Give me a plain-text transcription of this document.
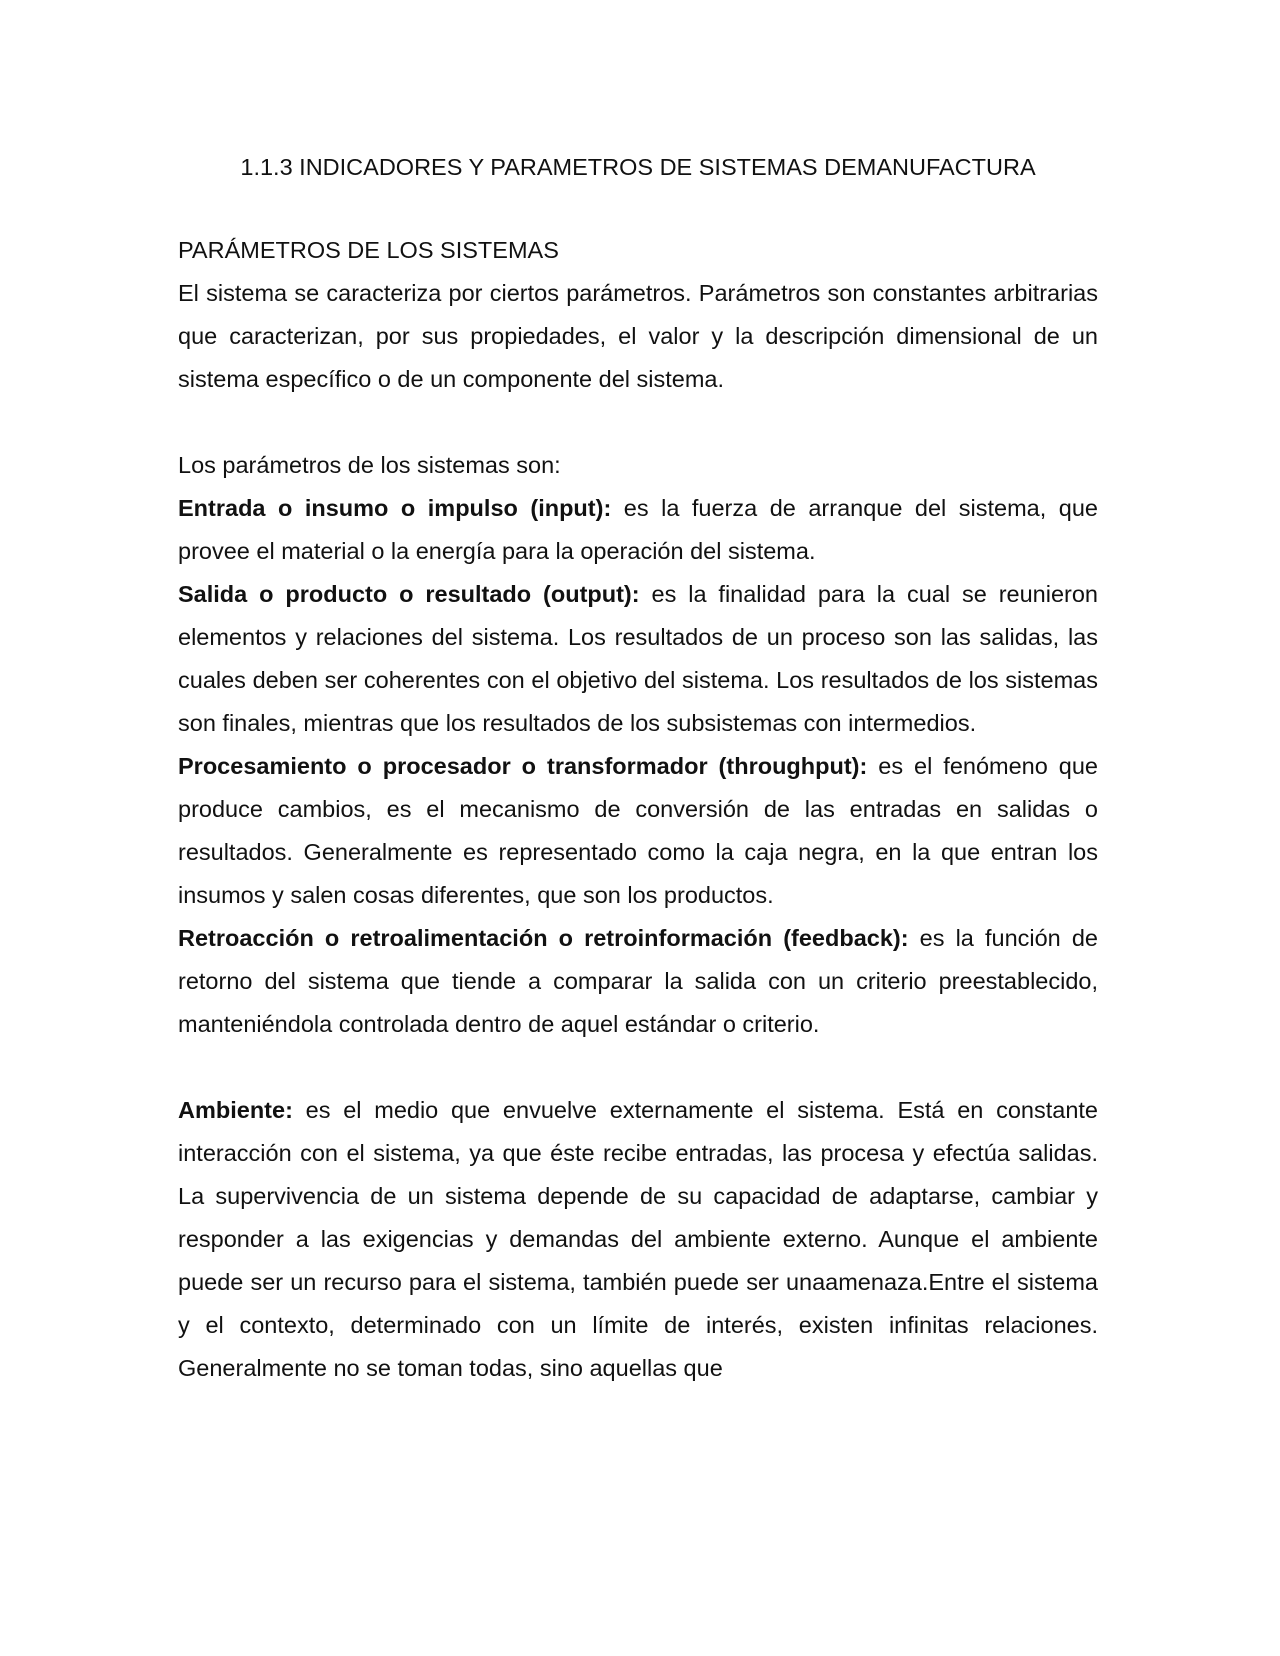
1.1.3 INDICADORES Y PARAMETROS DE SISTEMAS DEMANUFACTURA
PARÁMETROS DE LOS SISTEMAS

El sistema se caracteriza por ciertos parámetros. Parámetros son constantes arbitrarias que caracterizan, por sus propiedades, el valor y la descripción dimensional de un sistema específico o de un componente del sistema.

Los parámetros de los sistemas son:

Entrada o insumo o impulso (input): es la fuerza de arranque del sistema, que provee el material o la energía para la operación del sistema.

Salida o producto o resultado (output): es la finalidad para la cual se reunieron elementos y relaciones del sistema. Los resultados de un proceso son las salidas, las cuales deben ser coherentes con el objetivo del sistema. Los resultados de los sistemas son finales, mientras que los resultados de los subsistemas con intermedios.

Procesamiento o procesador o transformador (throughput): es el fenómeno que produce cambios, es el mecanismo de conversión de las entradas en salidas o resultados. Generalmente es representado como la caja negra, en la que entran los insumos y salen cosas diferentes, que son los productos.

Retroacción o retroalimentación o retroinformación (feedback): es la función de retorno del sistema que tiende a comparar la salida con un criterio preestablecido, manteniéndola controlada dentro de aquel estándar o criterio.

Ambiente: es el medio que envuelve externamente el sistema. Está en constante interacción con el sistema, ya que éste recibe entradas, las procesa y efectúa salidas. La supervivencia de un sistema depende de su capacidad de adaptarse, cambiar y responder a las exigencias y demandas del ambiente externo. Aunque el ambiente puede ser un recurso para el sistema, también puede ser unaamenaza.Entre el sistema y el contexto, determinado con un límite de interés, existen infinitas relaciones. Generalmente no se toman todas, sino aquellas que
